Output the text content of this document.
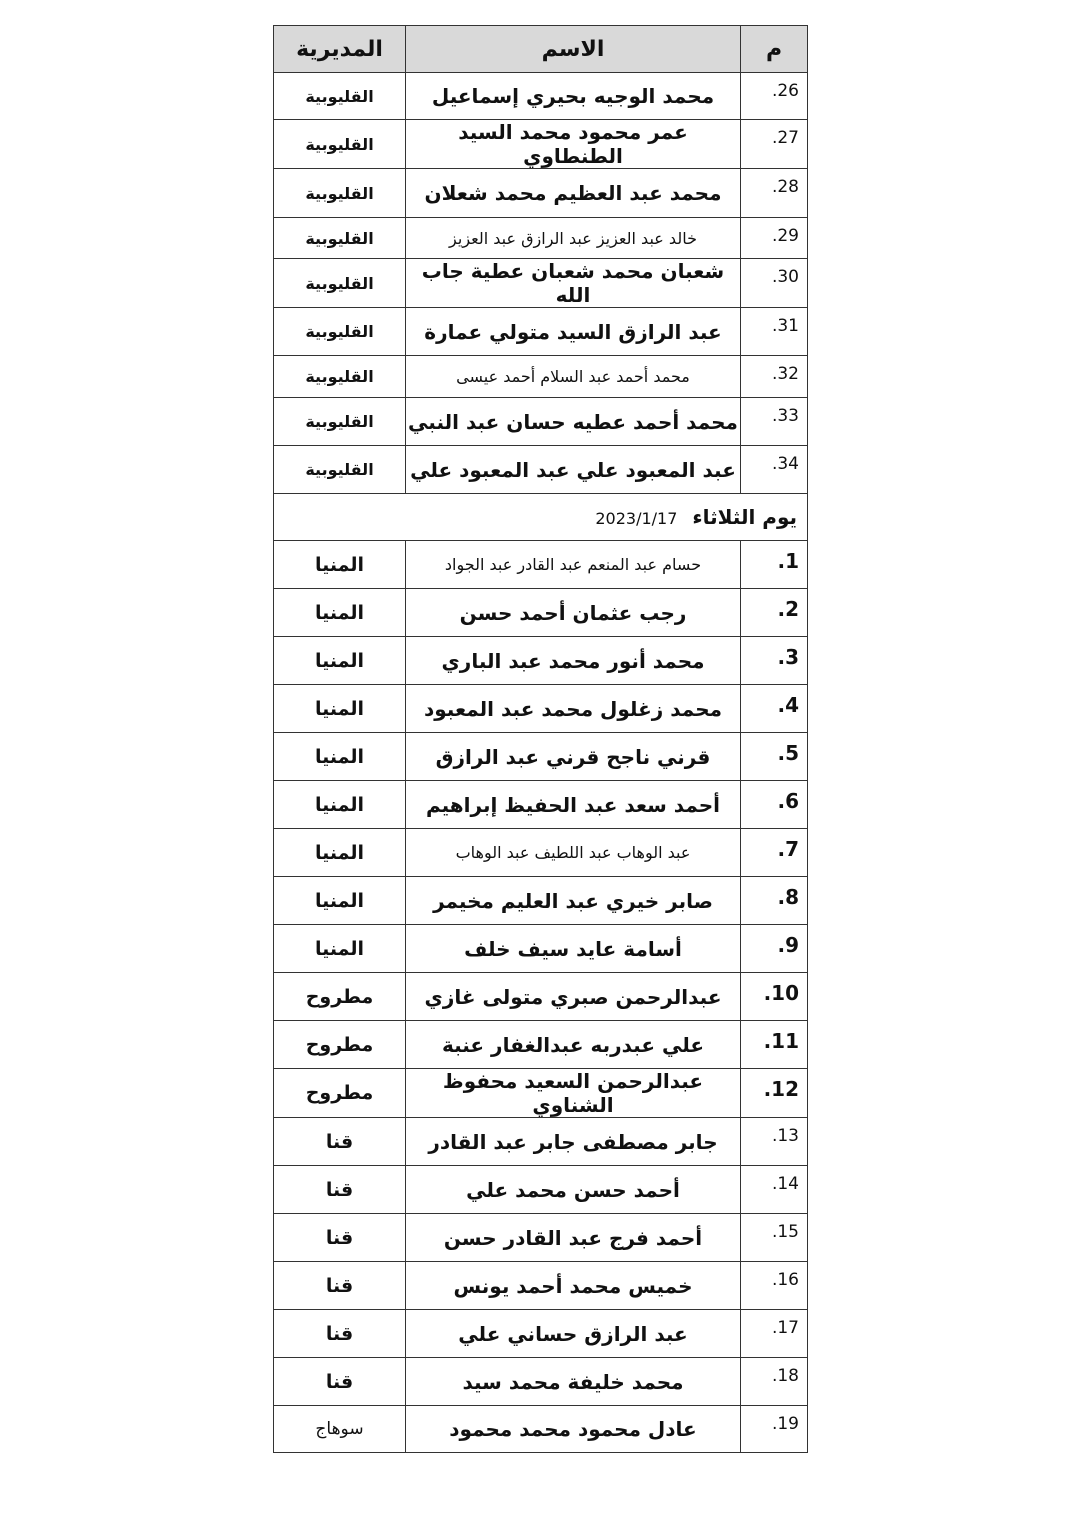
م	الاسم	المديرية
.26	محمد الوجيه بحيري إسماعيل	القليوبية
.27	عمر محمود محمد السيد الطنطاوي	القليوبية
.28	محمد عبد العظيم محمد شعلان	القليوبية
.29	خالد عبد العزيز عبد الرازق عبد العزيز	القليوبية
.30	شعبان محمد شعبان عطية جاب الله	القليوبية
.31	عبد الرازق السيد متولي عمارة	القليوبية
.32	محمد أحمد عبد السلام أحمد عيسى	القليوبية
.33	محمد أحمد عطيه حسان عبد النبي	القليوبية
.34	عبد المعبود علي عبد المعبود علي	القليوبية
يوم الثلاثاء 2023/1/17		
.1	حسام عبد المنعم عبد القادر عبد الجواد	المنيا
.2	رجب عثمان أحمد حسن	المنيا
.3	محمد أنور محمد عبد الباري	المنيا
.4	محمد زغلول محمد عبد المعبود	المنيا
.5	قرني ناجح قرني عبد الرازق	المنيا
.6	أحمد سعد عبد الحفيظ إبراهيم	المنيا
.7	عبد الوهاب عبد اللطيف عبد الوهاب	المنيا
.8	صابر خيري عبد العليم مخيمر	المنيا
.9	أسامة عايد سيف خلف	المنيا
.10	عبدالرحمن صبري متولى غازي	مطروح
.11	علي عبدربه عبدالغفار عنبة	مطروح
.12	عبدالرحمن السعيد محفوظ الشناوي	مطروح
.13	جابر مصطفى جابر عبد القادر	قنا
.14	أحمد حسن محمد علي	قنا
.15	أحمد فرج عبد القادر حسن	قنا
.16	خميس محمد أحمد يونس	قنا
.17	عبد الرازق حساني علي	قنا
.18	محمد خليفة محمد سيد	قنا
.19	عادل محمود محمد محمود	سوهاج
